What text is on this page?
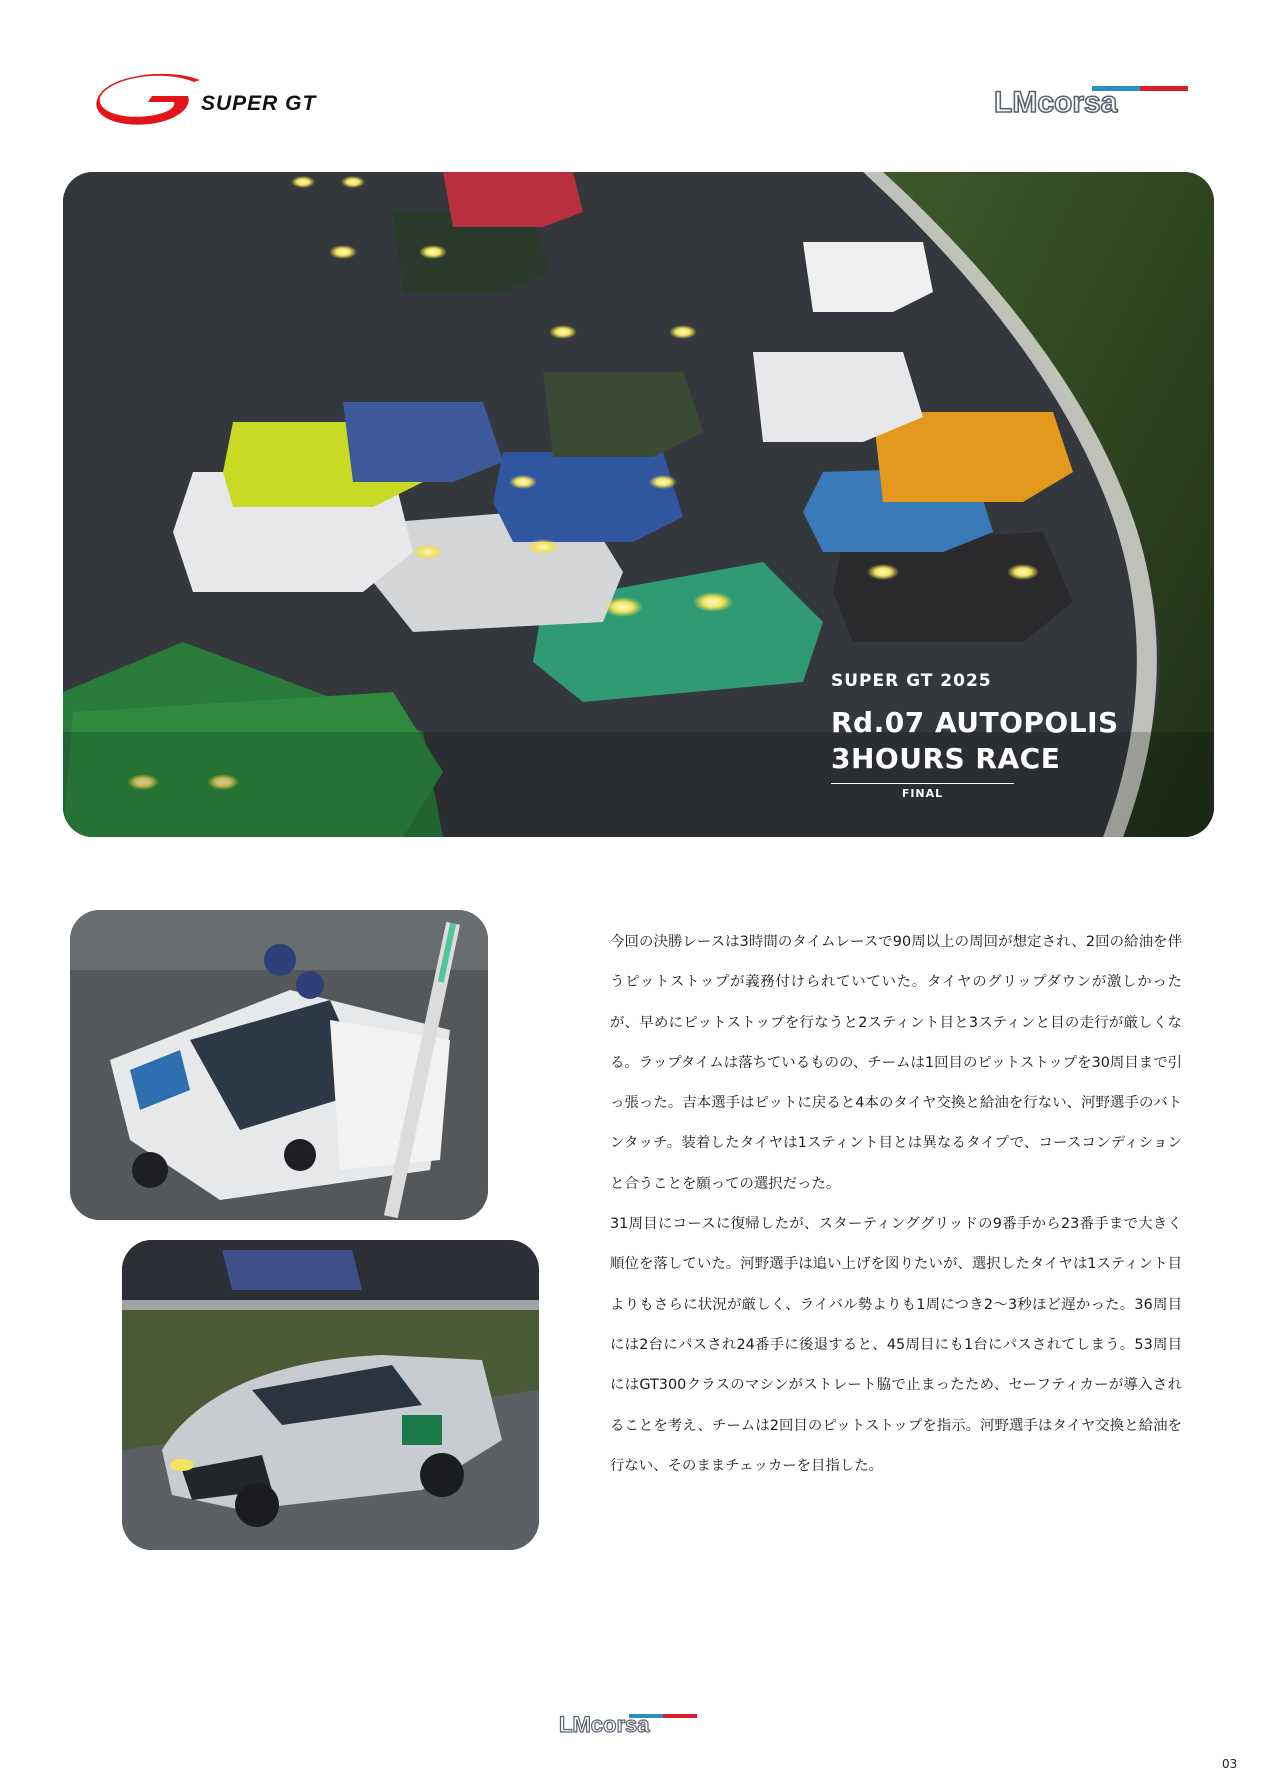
SUPER GT	LMcorsa
SUPER GT 2025
Rd.07 AUTOPOLIS
3HOURS RACE
FINAL

今回の決勝レースは3時間のタイムレースで90周以上の周回が想定され、2回の給油を伴うピットストップが義務付けられていていた。タイヤのグリップダウンが激しかったが、早めにピットストップを行なうと2スティント目と3スティンと目の走行が厳しくなる。ラップタイムは落ちているものの、チームは1回目のピットストップを30周目まで引っ張った。吉本選手はピットに戻ると4本のタイヤ交換と給油を行ない、河野選手のバトンタッチ。装着したタイヤは1スティント目とは異なるタイプで、コースコンディションと合うことを願っての選択だった。

31周目にコースに復帰したが、スターティンググリッドの9番手から23番手まで大きく順位を落していた。河野選手は追い上げを図りたいが、選択したタイヤは1スティント目よりもさらに状況が厳しく、ライバル勢よりも1周につき2〜3秒ほど遅かった。36周目には2台にパスされ24番手に後退すると、45周目にも1台にパスされてしまう。53周目にはGT300クラスのマシンがストレート脇で止まったため、セーフティカーが導入されることを考え、チームは2回目のピットストップを指示。河野選手はタイヤ交換と給油を行ない、そのままチェッカーを目指した。

LMcorsa
03
